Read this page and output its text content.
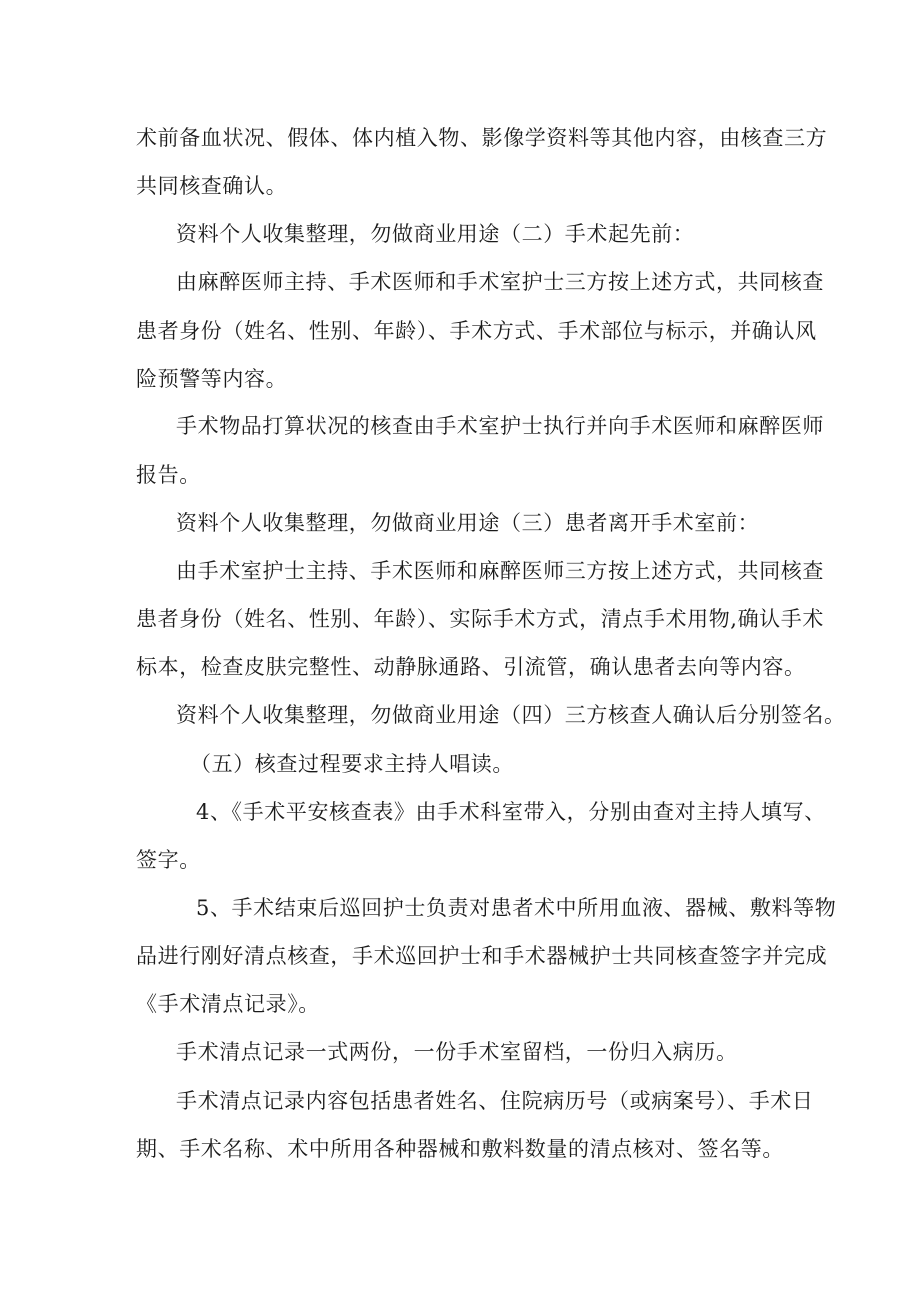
术前备血状况、假体、体内植入物、影像学资料等其他内容，由核查三方
共同核查确认。
资料个人收集整理，勿做商业用途（二）手术起先前：
由麻醉医师主持、手术医师和手术室护士三方按上述方式，共同核查
患者身份（姓名、性别、年龄）、手术方式、手术部位与标示，并确认风
险预警等内容。
手术物品打算状况的核查由手术室护士执行并向手术医师和麻醉医师
报告。
资料个人收集整理，勿做商业用途（三）患者离开手术室前：
由手术室护士主持、手术医师和麻醉医师三方按上述方式，共同核查
患者身份（姓名、性别、年龄）、实际手术方式，清点手术用物,确认手术
标本，检查皮肤完整性、动静脉通路、引流管，确认患者去向等内容。
资料个人收集整理，勿做商业用途（四）三方核查人确认后分别签名。
（五）核查过程要求主持人唱读。
4、《手术平安核查表》由手术科室带入，分别由查对主持人填写、
签字。
5、手术结束后巡回护士负责对患者术中所用血液、器械、敷料等物
品进行刚好清点核查，手术巡回护士和手术器械护士共同核查签字并完成
《手术清点记录》。
手术清点记录一式两份，一份手术室留档，一份归入病历。
手术清点记录内容包括患者姓名、住院病历号（或病案号）、手术日
期、手术名称、术中所用各种器械和敷料数量的清点核对、签名等。
